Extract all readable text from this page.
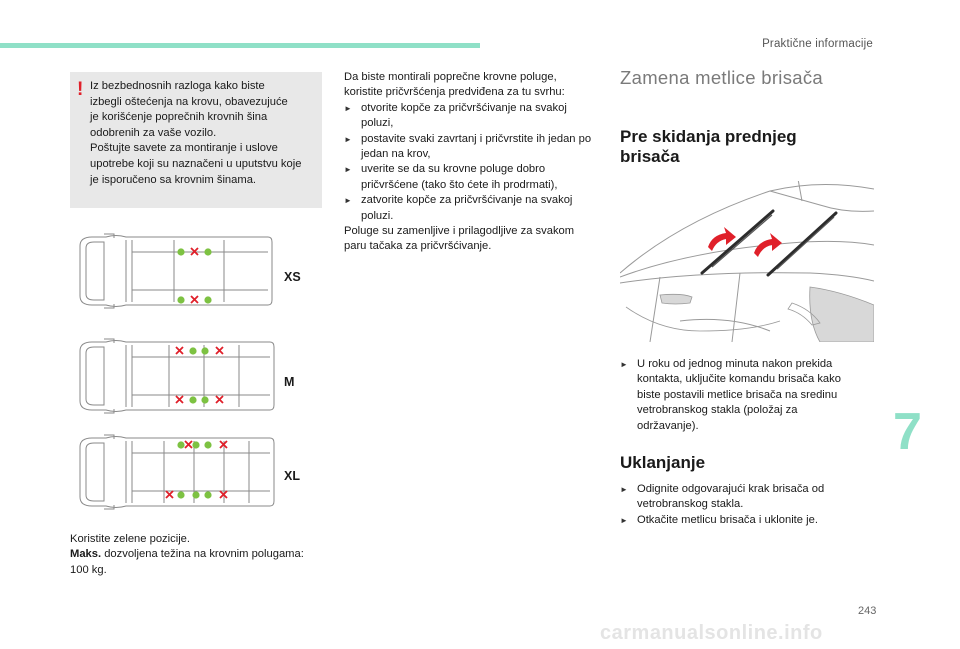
Praktične informacije
! Iz bezbednosnih razloga kako biste
izbegli oštećenja na krovu, obavezujuće
je korišćenje poprečnih krovnih šina
odobrenih za vaše vozilo.
Poštujte savete za montiranje i uslove
upotrebe koji su naznačeni u uputstvu koje
je isporučeno sa krovnim šinama.
XS
M
XL
Koristite zelene pozicije.
Maks. dozvoljena težina na krovnim polugama:
100 kg.
Da biste montirali poprečne krovne poluge, koristite pričvršćenja predviđena za tu svrhu:
► otvorite kopče za pričvršćivanje na svakoj poluzi,
► postavite svaki zavrtanj i pričvrstite ih jedan po jedan na krov,
► uverite se da su krovne poluge dobro pričvršćene (tako što ćete ih prodrmati),
► zatvorite kopče za pričvršćivanje na svakoj poluzi.
Poluge su zamenljive i prilagodljive za svakom paru tačaka za pričvršćivanje.
Zamena metlice brisača
Pre skidanja prednjeg
brisača
► U roku od jednog minuta nakon prekida kontakta, uključite komandu brisača kako biste postavili metlice brisača na sredinu vetrobranskog stakla (položaj za održavanje).
Uklanjanje
► Odignite odgovarajući krak brisača od vetrobranskog stakla.
► Otkačite metlicu brisača i uklonite je.
7
243
carmanualsonline.info
